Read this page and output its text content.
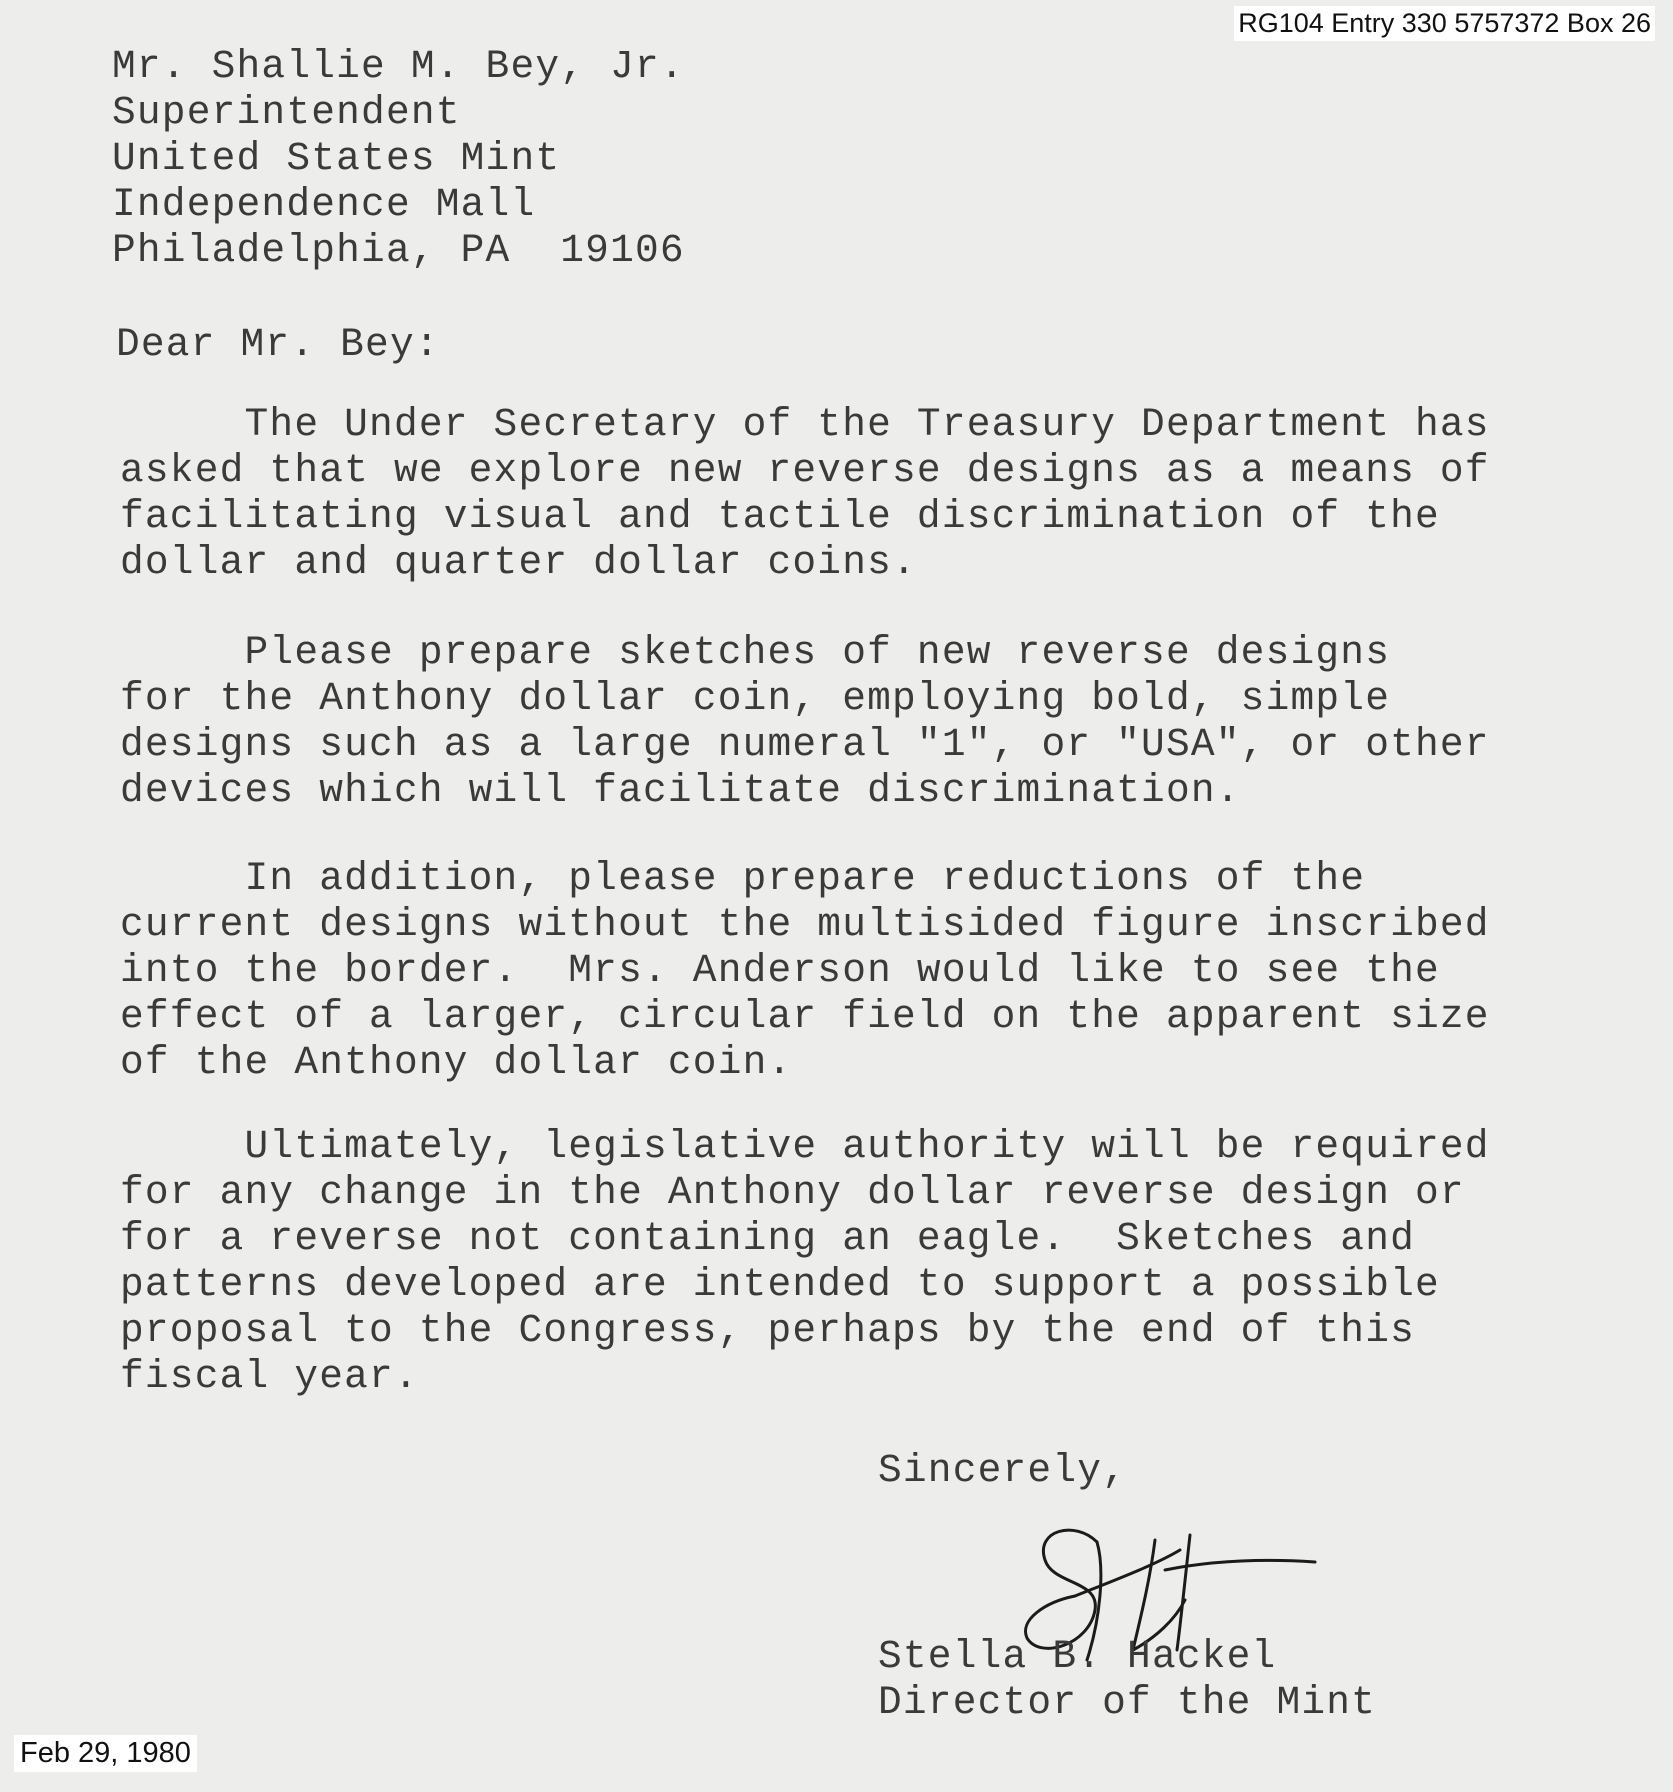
RG104 Entry 330 5757372 Box 26
Mr. Shallie M. Bey, Jr.
Superintendent
United States Mint
Independence Mall
Philadelphia, PA  19106
Dear Mr. Bey:
The Under Secretary of the Treasury Department has
asked that we explore new reverse designs as a means of
facilitating visual and tactile discrimination of the
dollar and quarter dollar coins.
Please prepare sketches of new reverse designs
for the Anthony dollar coin, employing bold, simple
designs such as a large numeral "1", or "USA", or other
devices which will facilitate discrimination.
In addition, please prepare reductions of the
current designs without the multisided figure inscribed
into the border.  Mrs. Anderson would like to see the
effect of a larger, circular field on the apparent size
of the Anthony dollar coin.
Ultimately, legislative authority will be required
for any change in the Anthony dollar reverse design or
for a reverse not containing an eagle.  Sketches and
patterns developed are intended to support a possible
proposal to the Congress, perhaps by the end of this
fiscal year.
Sincerely,
Stella B. Hackel
Director of the Mint
Feb 29, 1980
